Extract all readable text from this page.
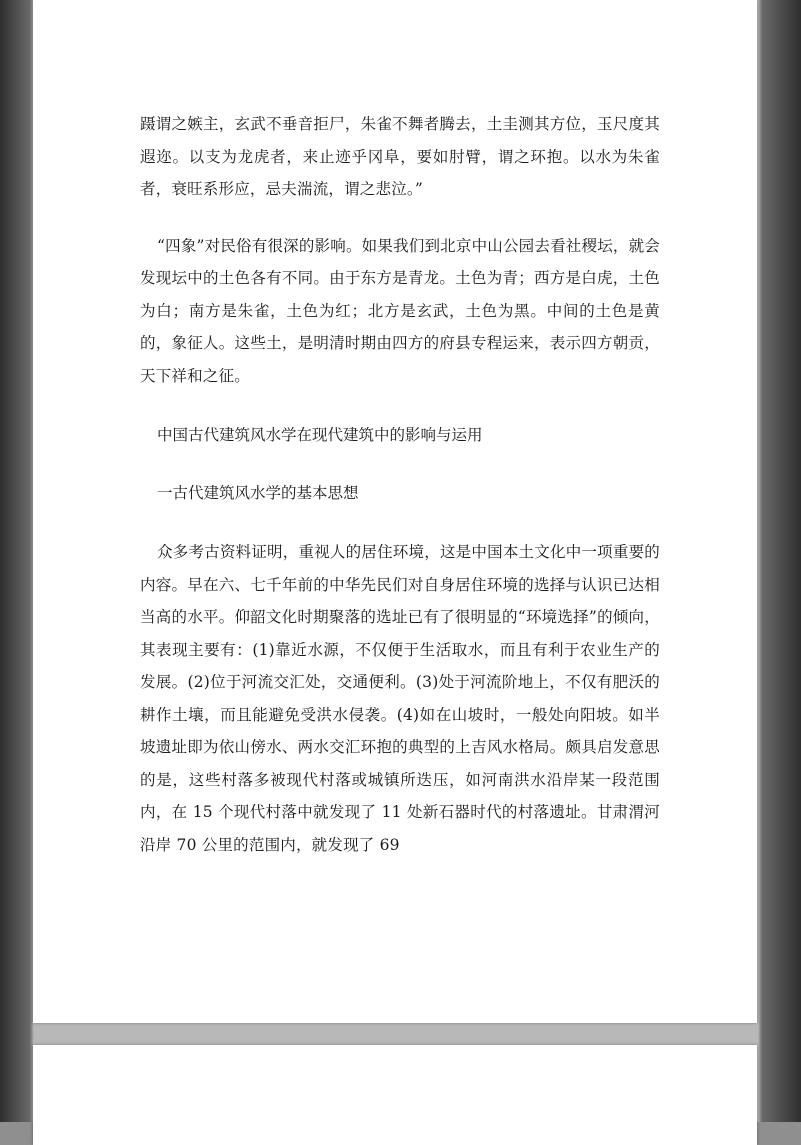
蹑谓之嫉主，玄武不垂音拒尸，朱雀不舞者腾去，土圭测其方位，玉尺度其遐迩。以支为龙虎者，来止迹乎冈阜，要如肘臂，谓之环抱。以水为朱雀者，衰旺系形应，忌夫湍流，谓之悲泣。”

“四象”对民俗有很深的影响。如果我们到北京中山公园去看社稷坛，就会发现坛中的土色各有不同。由于东方是青龙。土色为青；西方是白虎，土色为白；南方是朱雀，土色为红；北方是玄武，土色为黑。中间的土色是黄的，象征人。这些土，是明清时期由四方的府县专程运来，表示四方朝贡，天下祥和之征。

中国古代建筑风水学在现代建筑中的影响与运用

一古代建筑风水学的基本思想

众多考古资料证明，重视人的居住环境，这是中国本土文化中一项重要的内容。早在六、七千年前的中华先民们对自身居住环境的选择与认识已达相当高的水平。仰韶文化时期聚落的选址已有了很明显的“环境选择”的倾向，其表现主要有：(1)靠近水源，不仅便于生活取水，而且有利于农业生产的发展。(2)位于河流交汇处，交通便利。(3)处于河流阶地上，不仅有肥沃的耕作土壤，而且能避免受洪水侵袭。(4)如在山坡时，一般处向阳坡。如半坡遗址即为依山傍水、两水交汇环抱的典型的上吉风水格局。颇具启发意思的是，这些村落多被现代村落或城镇所迭压，如河南洪水沿岸某一段范围内，在 15 个现代村落中就发现了 11 处新石器时代的村落遗址。甘肃渭河沿岸 70 公里的范围内，就发现了 69
